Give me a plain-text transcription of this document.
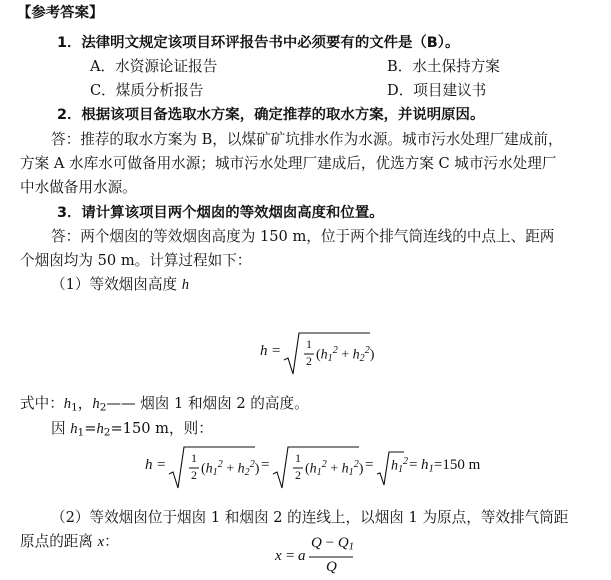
【参考答案】
1．法律明文规定该项目环评报告书中必须要有的文件是（B）。
A．水资源论证报告	B．水土保持方案
C．煤质分析报告	D．项目建议书
2．根据该项目备选取水方案，确定推荐的取水方案，并说明原因。
答：推荐的取水方案为 B，以煤矿矿坑排水作为水源。城市污水处理厂建成前，
方案 A 水库水可做备用水源；城市污水处理厂建成后，优选方案 C 城市污水处理厂
中水做备用水源。
3．请计算该项目两个烟囱的等效烟囱高度和位置。
答：两个烟囱的等效烟囱高度为 150 m，位于两个排气筒连线的中点上、距两
个烟囱均为 50 m。计算过程如下：
（1）等效烟囱高度 h
h = 1
2 $(h_1^2 + h_2^2)$
式中：$h_1$，$h_2——$ 烟囱 1 和烟囱 2 的高度。
因 $h_1=h_2=150$ m，则：
h = 1
2 $(h_1^2 + h_2^2) = 1$
2 $(h_1^2 + h_1^2) = h_1^2 = h_1=150$ m
（2）等效烟囱位于烟囱 1 和烟囱 2 的连线上，以烟囱 1 为原点，等效排气筒距
原点的距离 x：
x = a
$Q - Q_1$
Q
